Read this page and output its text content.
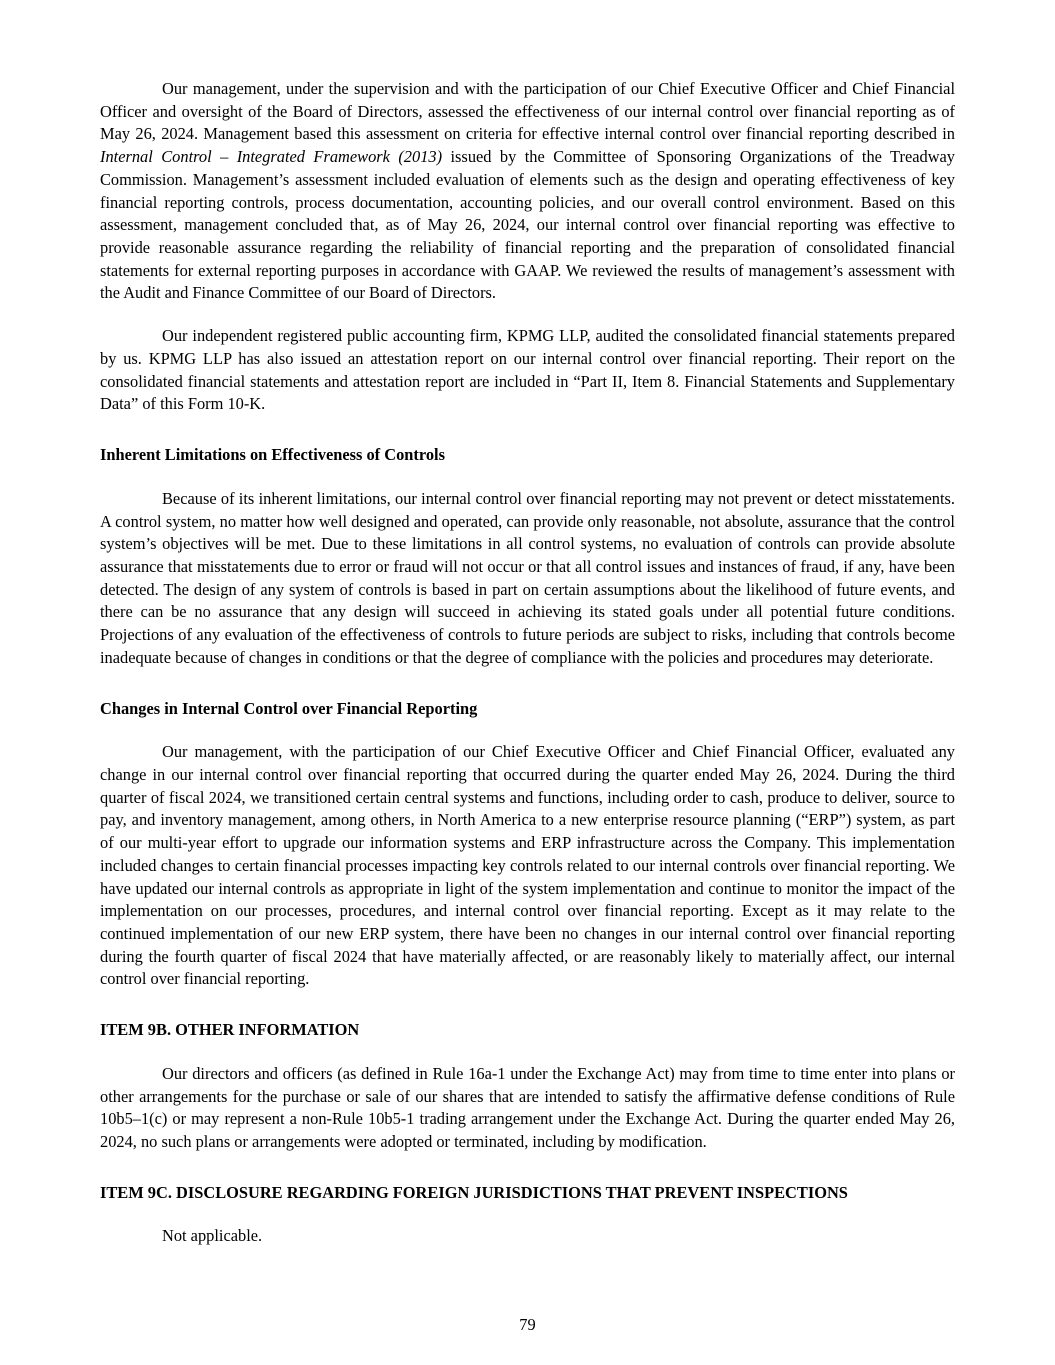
Our management, under the supervision and with the participation of our Chief Executive Officer and Chief Financial Officer and oversight of the Board of Directors, assessed the effectiveness of our internal control over financial reporting as of May 26, 2024. Management based this assessment on criteria for effective internal control over financial reporting described in Internal Control – Integrated Framework (2013) issued by the Committee of Sponsoring Organizations of the Treadway Commission. Management’s assessment included evaluation of elements such as the design and operating effectiveness of key financial reporting controls, process documentation, accounting policies, and our overall control environment. Based on this assessment, management concluded that, as of May 26, 2024, our internal control over financial reporting was effective to provide reasonable assurance regarding the reliability of financial reporting and the preparation of consolidated financial statements for external reporting purposes in accordance with GAAP. We reviewed the results of management’s assessment with the Audit and Finance Committee of our Board of Directors.

Our independent registered public accounting firm, KPMG LLP, audited the consolidated financial statements prepared by us. KPMG LLP has also issued an attestation report on our internal control over financial reporting. Their report on the consolidated financial statements and attestation report are included in “Part II, Item 8. Financial Statements and Supplementary Data” of this Form 10-K.

Inherent Limitations on Effectiveness of Controls

Because of its inherent limitations, our internal control over financial reporting may not prevent or detect misstatements. A control system, no matter how well designed and operated, can provide only reasonable, not absolute, assurance that the control system’s objectives will be met. Due to these limitations in all control systems, no evaluation of controls can provide absolute assurance that misstatements due to error or fraud will not occur or that all control issues and instances of fraud, if any, have been detected. The design of any system of controls is based in part on certain assumptions about the likelihood of future events, and there can be no assurance that any design will succeed in achieving its stated goals under all potential future conditions. Projections of any evaluation of the effectiveness of controls to future periods are subject to risks, including that controls become inadequate because of changes in conditions or that the degree of compliance with the policies and procedures may deteriorate.

Changes in Internal Control over Financial Reporting

Our management, with the participation of our Chief Executive Officer and Chief Financial Officer, evaluated any change in our internal control over financial reporting that occurred during the quarter ended May 26, 2024. During the third quarter of fiscal 2024, we transitioned certain central systems and functions, including order to cash, produce to deliver, source to pay, and inventory management, among others, in North America to a new enterprise resource planning (“ERP”) system, as part of our multi-year effort to upgrade our information systems and ERP infrastructure across the Company. This implementation included changes to certain financial processes impacting key controls related to our internal controls over financial reporting. We have updated our internal controls as appropriate in light of the system implementation and continue to monitor the impact of the implementation on our processes, procedures, and internal control over financial reporting. Except as it may relate to the continued implementation of our new ERP system, there have been no changes in our internal control over financial reporting during the fourth quarter of fiscal 2024 that have materially affected, or are reasonably likely to materially affect, our internal control over financial reporting.

ITEM 9B. OTHER INFORMATION

Our directors and officers (as defined in Rule 16a-1 under the Exchange Act) may from time to time enter into plans or other arrangements for the purchase or sale of our shares that are intended to satisfy the affirmative defense conditions of Rule 10b5–1(c) or may represent a non-Rule 10b5-1 trading arrangement under the Exchange Act. During the quarter ended May 26, 2024, no such plans or arrangements were adopted or terminated, including by modification.

ITEM 9C. DISCLOSURE REGARDING FOREIGN JURISDICTIONS THAT PREVENT INSPECTIONS

Not applicable.

79
